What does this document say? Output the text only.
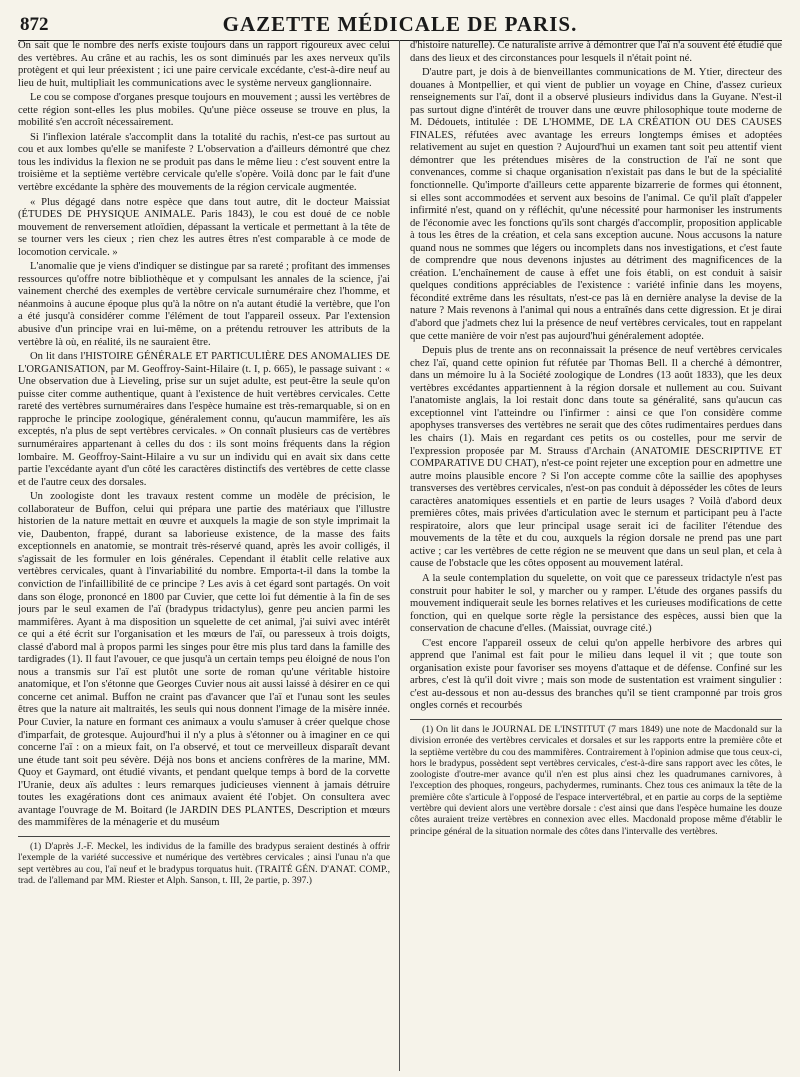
872	GAZETTE MÉDICALE DE PARIS.

On sait que le nombre des nerfs existe toujours dans un rapport rigoureux avec celui des vertèbres. Au crâne et au rachis, les os sont diminués par les axes nerveux qu'ils protègent et qui leur préexistent ; ici une paire cervicale excédante, c'est-à-dire neuf au lieu de huit, multipliait les communications avec le système nerveux ganglionnaire.

Le cou se compose d'organes presque toujours en mouvement ; aussi les vertèbres de cette région sont-elles les plus mobiles. Qu'une pièce osseuse se trouve en plus, la mobilité s'en accroît nécessairement.

Si l'inflexion latérale s'accomplit dans la totalité du rachis, n'est-ce pas surtout au cou et aux lombes qu'elle se manifeste ? L'observation a d'ailleurs démontré que chez tous les individus la flexion ne se produit pas dans le même lieu : c'est souvent entre la troisième et la septième vertèbre cervicale qu'elle s'opère. Voilà donc par le fait d'une vertèbre excédante la sphère des mouvements de la région cervicale augmentée.

« Plus dégagé dans notre espèce que dans tout autre, dit le docteur Maissiat (ÉTUDES DE PHYSIQUE ANIMALE. Paris 1843), le cou est doué de ce noble mouvement de renversement atloïdien, dépassant la verticale et permettant à la tête de se tourner vers les cieux ; rien chez les autres êtres n'est comparable à ce mode de locomotion cervicale. »

L'anomalie que je viens d'indiquer se distingue par sa rareté ; profitant des immenses ressources qu'offre notre bibliothèque et y compulsant les annales de la science, j'ai vainement cherché des exemples de vertèbre cervicale surnuméraire chez l'homme, et néanmoins à aucune époque plus qu'à la nôtre on n'a autant étudié la vertèbre, que l'on a été jusqu'à considérer comme l'élément de tout l'appareil osseux. Par l'extension abusive d'un principe vrai en lui-même, on a prétendu retrouver les attributs de la vertèbre là où, en réalité, ils ne sauraient être.

On lit dans l'HISTOIRE GÉNÉRALE ET PARTICULIÈRE DES ANOMALIES DE L'ORGANISATION, par M. Geoffroy-Saint-Hilaire (t. I, p. 665), le passage suivant : « Une observation due à Lieveling, prise sur un sujet adulte, est peut-être la seule qu'on puisse citer comme authentique, quant à l'existence de huit vertèbres cervicales. Cette rareté des vertèbres surnuméraires dans l'espèce humaine est très-remarquable, si on en rapproche le principe zoologique, généralement connu, qu'aucun mammifère, les aïs exceptés, n'a plus de sept vertèbres cervicales. » On connaît plusieurs cas de vertèbres surnuméraires appartenant à celles du dos : ils sont moins fréquents dans la région lombaire. M. Geoffroy-Saint-Hilaire a vu sur un individu qui en avait six dans cette partie l'excédante ayant d'un côté les caractères distinctifs des vertèbres de cette classe et de l'autre ceux des dorsales.

Un zoologiste dont les travaux restent comme un modèle de précision, le collaborateur de Buffon, celui qui prépara une partie des matériaux que l'illustre historien de la nature mettait en œuvre et auxquels la magie de son style imprimait la vie, Daubenton, frappé, durant sa laborieuse existence, de la masse des faits exceptionnels en anatomie, se montrait très-réservé quand, après les avoir colligés, il s'agissait de les formuler en lois générales. Cependant il établit celle relative aux vertèbres cervicales, quant à l'invariabilité du nombre. Emporta-t-il dans la tombe la conviction de l'infaillibilité de ce principe ? Les avis à cet égard sont partagés. On voit dans son éloge, prononcé en 1800 par Cuvier, que cette loi fut démentie à la fin de ses jours par le seul examen de l'aï (bradypus tridactylus), genre peu ancien parmi les mammifères. Ayant à ma disposition un squelette de cet animal, j'ai suivi avec intérêt ce qui a été écrit sur l'organisation et les mœurs de l'aï, ou paresseux à trois doigts, classé d'abord mal à propos parmi les singes pour être mis plus tard dans la famille des tardigrades (1). Il faut l'avouer, ce que jusqu'à un certain temps peu éloigné de nous l'on nous a transmis sur l'aï est plutôt une sorte de roman qu'une véritable histoire anatomique, et l'on s'étonne que Georges Cuvier nous ait aussi laissé à désirer en ce qui concerne cet animal. Buffon ne craint pas d'avancer que l'aï et l'unau sont les seules êtres que la nature ait maltraités, les seuls qui nous donnent l'image de la misère innée. Pour Cuvier, la nature en formant ces animaux a voulu s'amuser à créer quelque chose d'imparfait, de grotesque. Aujourd'hui il n'y a plus à s'étonner ou à imaginer en ce qui concerne l'aï : on a mieux fait, on l'a observé, et tout ce merveilleux disparaît devant une étude tant soit peu sévère. Déjà nos bons et anciens confrères de la marine, MM. Quoy et Gaymard, ont étudié vivants, et pendant quelque temps à bord de la corvette l'Uranie, deux aïs adultes : leurs remarques judicieuses viennent à jamais détruire toutes les exagérations dont ces animaux avaient été l'objet. On consultera avec avantage l'ouvrage de M. Boitard (le JARDIN DES PLANTES, Description et mœurs des mammifères de la ménagerie et du muséum

(1) D'après J.-F. Meckel, les individus de la famille des bradypus seraient destinés à offrir l'exemple de la variété successive et numérique des vertèbres cervicales ; ainsi l'unau n'a que sept vertèbres au cou, l'aï neuf et le bradypus torquatus huit. (TRAITÉ GÉN. D'ANAT. COMP., trad. de l'allemand par MM. Riester et Alph. Sanson, t. III, 2e partie, p. 397.)

d'histoire naturelle). Ce naturaliste arrive à démontrer que l'aï n'a souvent été étudié que dans des lieux et des circonstances pour lesquels il n'était point né.

D'autre part, je dois à de bienveillantes communications de M. Ytier, directeur des douanes à Montpellier, et qui vient de publier un voyage en Chine, d'assez curieux renseignements sur l'aï, dont il a observé plusieurs individus dans la Guyane. N'est-il pas surtout digne d'intérêt de trouver dans une œuvre philosophique toute moderne de M. Dédouets, intitulée : DE L'HOMME, DE LA CRÉATION OU DES CAUSES FINALES, réfutées avec avantage les erreurs longtemps émises et adoptées relativement au sujet en question ? Aujourd'hui un examen tant soit peu attentif vient démontrer que les prétendues misères de la construction de l'aï ne sont que convenances, comme si chaque organisation n'existait pas dans le but de la spécialité fonctionnelle. Qu'importe d'ailleurs cette apparente bizarrerie de formes qui étonnent, si elles sont accommodées et servent aux besoins de l'animal. Ce qu'il plaît d'appeler infirmité n'est, quand on y réfléchit, qu'une nécessité pour harmoniser les instruments de l'économie avec les fonctions qu'ils sont chargés d'accomplir, proposition applicable à tous les êtres de la création, et cela sans exception aucune. Nous accusons la nature quand nous ne sommes que légers ou incomplets dans nos investigations, et c'est faute de comprendre que nous devenons injustes au détriment des magnificences de la création. L'enchaînement de cause à effet une fois établi, on est conduit à saisir quelques conditions appréciables de l'existence : variété infinie dans les moyens, fécondité extrême dans les résultats, n'est-ce pas là en dernière analyse la devise de la nature ? Mais revenons à l'animal qui nous a entraînés dans cette digression. Et je dirai d'abord que j'admets chez lui la présence de neuf vertèbres cervicales, tout en rappelant que cette manière de voir n'est pas aujourd'hui généralement adoptée.

Depuis plus de trente ans on reconnaissait la présence de neuf vertèbres cervicales chez l'aï, quand cette opinion fut réfutée par Thomas Bell. Il a cherché à démontrer, dans un mémoire lu à la Société zoologique de Londres (13 août 1833), que les deux vertèbres excédantes appartiennent à la région dorsale et nullement au cou. Suivant l'anatomiste anglais, la loi restait donc dans toute sa généralité, sans qu'aucun cas exceptionnel vint l'atteindre ou l'infirmer : ainsi ce que l'on considère comme apophyses transverses des vertèbres ne serait que des côtes rudimentaires perdues dans les chairs (1). Mais en regardant ces petits os ou costelles, pour me servir de l'expression proposée par M. Strauss d'Archain (ANATOMIE DESCRIPTIVE ET COMPARATIVE DU CHAT), n'est-ce point rejeter une exception pour en admettre une autre moins plausible encore ? Si l'on accepte comme côte la saillie des apophyses transverses des vertèbres cervicales, n'est-on pas conduit à déposséder les côtes de leurs caractères anatomiques essentiels et en partie de leurs usages ? Voilà d'abord deux premières côtes, mais privées d'articulation avec le sternum et participant peu à l'acte respiratoire, alors que leur principal usage serait ici de faciliter l'étendue des mouvements de la tête et du cou, auxquels la région dorsale ne prend pas une part active ; car les vertèbres de cette région ne se meuvent que dans un seul plan, et cela à cause de l'obstacle que les côtes opposent au mouvement latéral.

A la seule contemplation du squelette, on voit que ce paresseux tridactyle n'est pas construit pour habiter le sol, y marcher ou y ramper. L'étude des organes passifs du mouvement indiquerait seule les bornes relatives et les curieuses modifications de cette fonction, qui en quelque sorte règle la persistance des espèces, aussi bien que la conservation de chacune d'elles. (Maissiat, ouvrage cité.)

C'est encore l'appareil osseux de celui qu'on appelle herbivore des arbres qui apprend que l'animal est fait pour le milieu dans lequel il vit ; que toute son organisation existe pour favoriser ses moyens d'attaque et de défense. Confiné sur les arbres, c'est là qu'il doit vivre ; mais son mode de sustentation est vraiment singulier : c'est au-dessous et non au-dessus des branches qu'il se tient cramponné par trois gros ongles cornés et recourbés

(1) On lit dans le JOURNAL DE L'INSTITUT (7 mars 1849) une note de Macdonald sur la division erronée des vertèbres cervicales et dorsales et sur les rapports entre la première côte et la septième vertèbre du cou des mammifères. Contrairement à l'opinion admise que tous ceux-ci, hors le bradypus, possèdent sept vertèbres cervicales, c'est-à-dire sans rapport avec les côtes, le zoologiste d'outre-mer avance qu'il n'en est plus ainsi chez les quadrumanes carnivores, à l'exception des phoques, rongeurs, pachydermes, ruminants. Chez tous ces animaux la tête de la première côte s'articule à l'opposé de l'espace intervertébral, et en partie au corps de la septième vertèbre qui devient alors une vertèbre dorsale : c'est ainsi que dans l'espèce humaine les douze côtes auraient treize vertèbres en connexion avec elles. Macdonald propose même d'établir le principe général de la situation normale des côtes dans l'intervalle des vertèbres.
